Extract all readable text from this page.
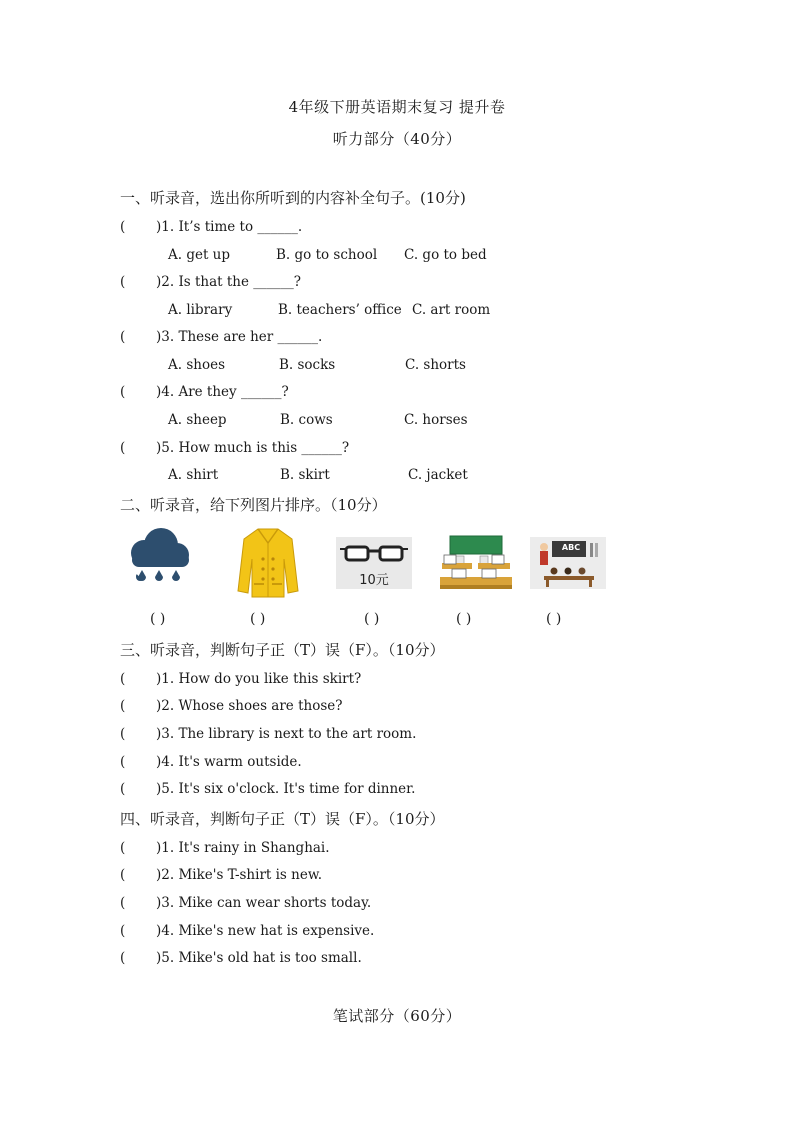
4年级下册英语期末复习 提升卷
听力部分（40分）
一、听录音，选出你所听到的内容补全句子。(10分)
( )1. It’s time to ______.
A. get up	B. go to school C. go to bed
( )2. Is that the ______?
A. library	B. teachers’ office C. art room
( )3. These are her ______.
A. shoes	B. socks	C. shorts
( )4. Are they ______?
A. sheep	B. cows	C. horses
( )5. How much is this ______?
A. shirt	B. skirt	C. jacket
二、听录音，给下列图片排序。（10分）
10元
ABC
( )	( )	( )	( )	( )
三、听录音，判断句子正（T）误（F）。（10分）
( )1. How do you like this skirt?
( )2. Whose shoes are those?
( )3. The library is next to the art room.
( )4. It's warm outside.
( )5. It's six o'clock. It's time for dinner.
四、听录音，判断句子正（T）误（F）。（10分）
( )1. It's rainy in Shanghai.
( )2. Mike's T-shirt is new.
( )3. Mike can wear shorts today.
( )4. Mike's new hat is expensive.
( )5. Mike's old hat is too small.
笔试部分（60分）
